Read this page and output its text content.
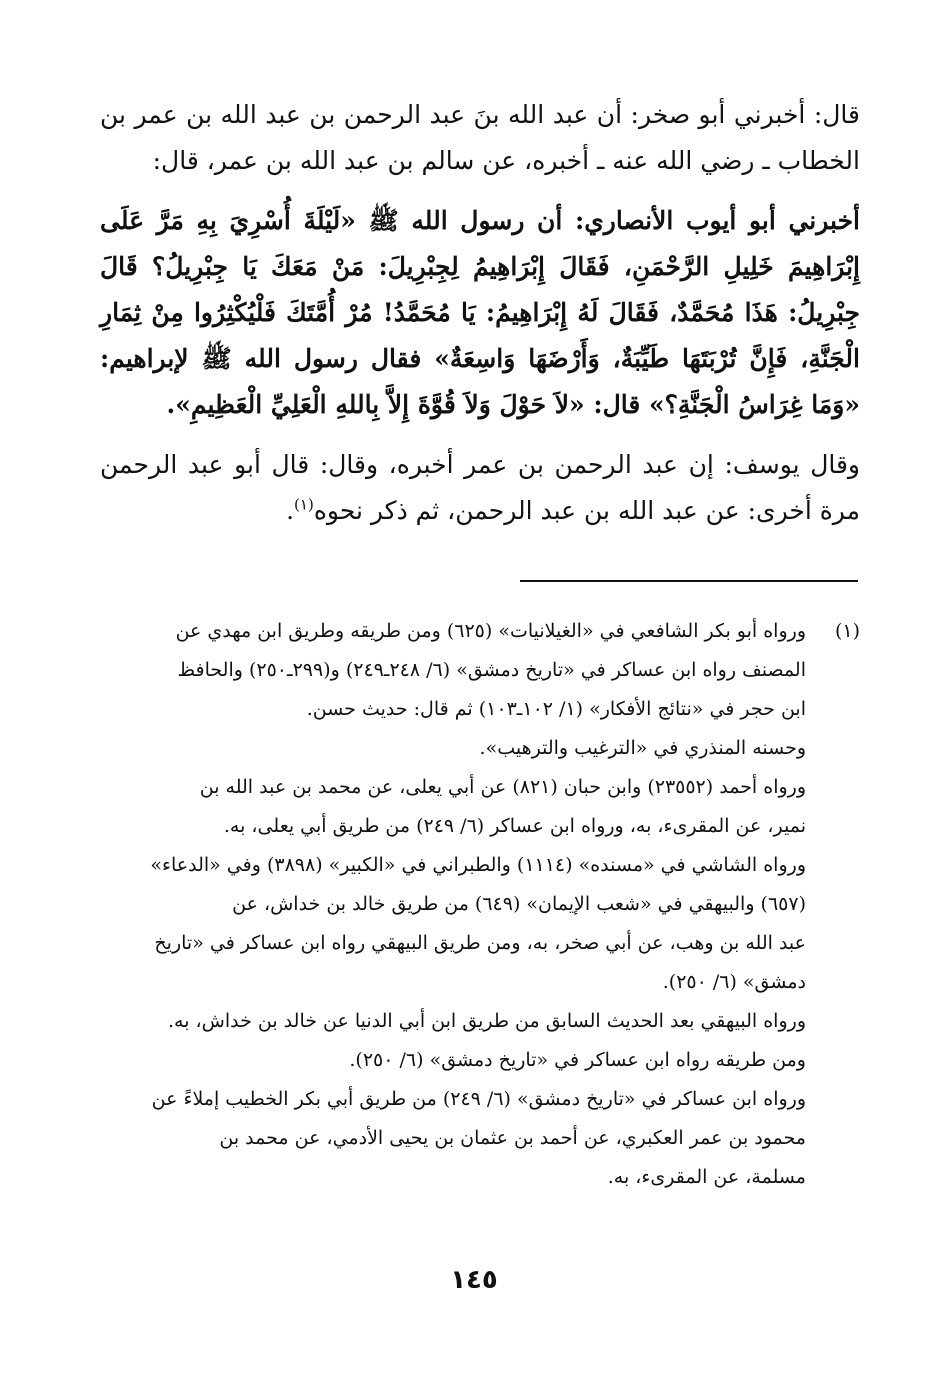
قال: أخبرني أبو صخر: أن عبد الله بنَ عبد الرحمن بن عبد الله بن عمر بن الخطاب ـ رضي الله عنه ـ أخبره، عن سالم بن عبد الله بن عمر، قال:

أخبرني أبو أيوب الأنصاري: أن رسول الله ﷺ «لَيْلَةَ أُسْرِيَ بِهِ مَرَّ عَلَى إِبْرَاهِيمَ خَلِيلِ الرَّحْمَنِ، فَقَالَ إِبْرَاهِيمُ لِجِبْرِيلَ: مَنْ مَعَكَ يَا جِبْرِيلُ؟ قَالَ جِبْرِيلُ: هَذَا مُحَمَّدٌ، فَقَالَ لَهُ إِبْرَاهِيمُ: يَا مُحَمَّدُ! مُرْ أُمَّتَكَ فَلْيُكْثِرُوا مِنْ ثِمَارِ الْجَنَّةِ، فَإِنَّ تُرْبَتَهَا طَيِّبَةٌ، وَأَرْضَهَا وَاسِعَةٌ» فقال رسول الله ﷺ لإبراهيم: «وَمَا غِرَاسُ الْجَنَّةِ؟» قال: «لاَ حَوْلَ وَلاَ قُوَّةَ إِلاَّ بِاللهِ الْعَلِيِّ الْعَظِيمِ».

وقال يوسف: إن عبد الرحمن بن عمر أخبره، وقال: قال أبو عبد الرحمن مرة أخرى: عن عبد الله بن عبد الرحمن، ثم ذكر نحوه$^{(١)}$.

(١)

ورواه أبو بكر الشافعي في «الغيلانيات» (٦٢٥) ومن طريقه وطريق ابن مهدي عن

المصنف رواه ابن عساكر في «تاريخ دمشق» (٦/ ٢٤٨ـ٢٤٩) و(٢٩٩ـ٢٥٠) والحافظ

ابن حجر في «نتائج الأفكار» (١/ ١٠٢ـ١٠٣) ثم قال: حديث حسن.

وحسنه المنذري في «الترغيب والترهيب».

ورواه أحمد (٢٣٥٥٢) وابن حبان (٨٢١) عن أبي يعلى، عن محمد بن عبد الله بن

نمير، عن المقرىء، به، ورواه ابن عساكر (٦/ ٢٤٩) من طريق أبي يعلى، به.

ورواه الشاشي في «مسنده» (١١١٤) والطبراني في «الكبير» (٣٨٩٨) وفي «الدعاء»

(٦٥٧) والبيهقي في «شعب الإيمان» (٦٤٩) من طريق خالد بن خداش، عن

عبد الله بن وهب، عن أبي صخر، به، ومن طريق البيهقي رواه ابن عساكر في «تاريخ

دمشق» (٦/ ٢٥٠).

ورواه البيهقي بعد الحديث السابق من طريق ابن أبي الدنيا عن خالد بن خداش، به.

ومن طريقه رواه ابن عساكر في «تاريخ دمشق» (٦/ ٢٥٠).

ورواه ابن عساكر في «تاريخ دمشق» (٦/ ٢٤٩) من طريق أبي بكر الخطيب إملاءً عن

محمود بن عمر العكبري، عن أحمد بن عثمان بن يحيى الأدمي، عن محمد بن

مسلمة، عن المقرىء، به.

١٤٥
